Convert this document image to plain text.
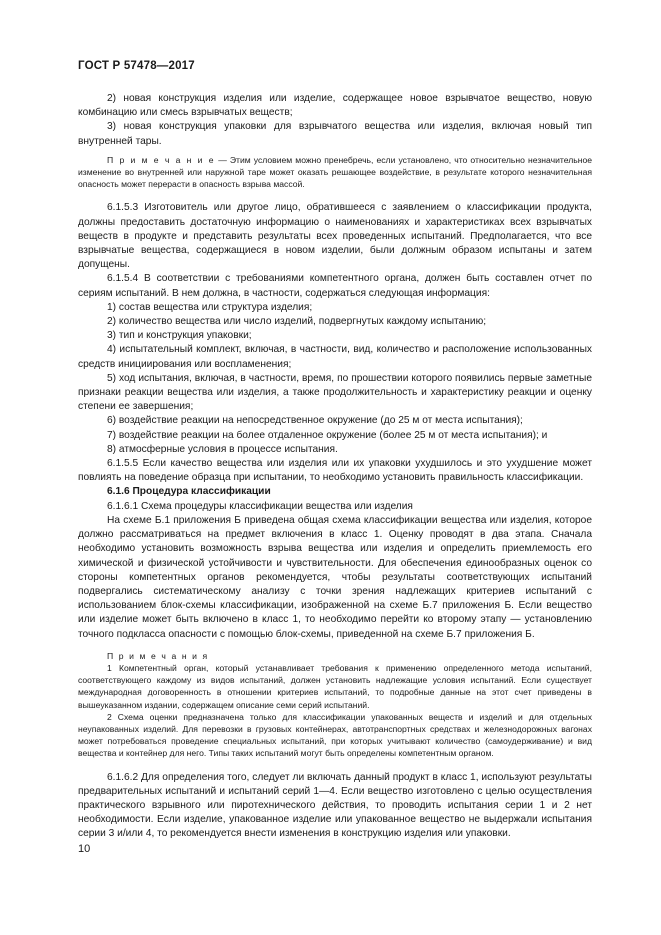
ГОСТ Р 57478—2017

2) новая конструкция изделия или изделие, содержащее новое взрывчатое вещество, новую комбинацию или смесь взрывчатых веществ;

3) новая конструкция упаковки для взрывчатого вещества или изделия, включая новый тип внутренней тары.

П р и м е ч а н и е — Этим условием можно пренебречь, если установлено, что относительно незначительное изменение во внутренней или наружной таре может оказать решающее воздействие, в результате которого незначительная опасность может перерасти в опасность взрыва массой.

6.1.5.3 Изготовитель или другое лицо, обратившееся с заявлением о классификации продукта, должны предоставить достаточную информацию о наименованиях и характеристиках всех взрывчатых веществ в продукте и представить результаты всех проведенных испытаний. Предполагается, что все взрывчатые вещества, содержащиеся в новом изделии, были должным образом испытаны и затем допущены.

6.1.5.4 В соответствии с требованиями компетентного органа, должен быть составлен отчет по сериям испытаний. В нем должна, в частности, содержаться следующая информация:

1) состав вещества или структура изделия;

2) количество вещества или число изделий, подвергнутых каждому испытанию;

3) тип и конструкция упаковки;

4) испытательный комплект, включая, в частности, вид, количество и расположение использованных средств инициирования или воспламенения;

5) ход испытания, включая, в частности, время, по прошествии которого появились первые заметные признаки реакции вещества или изделия, а также продолжительность и характеристику реакции и оценку степени ее завершения;

6) воздействие реакции на непосредственное окружение (до 25 м от места испытания);

7) воздействие реакции на более отдаленное окружение (более 25 м от места испытания); и

8) атмосферные условия в процессе испытания.

6.1.5.5 Если качество вещества или изделия или их упаковки ухудшилось и это ухудшение может повлиять на поведение образца при испытании, то необходимо установить правильность классификации.

6.1.6 Процедура классификации

6.1.6.1 Схема процедуры классификации вещества или изделия

На схеме Б.1 приложения Б приведена общая схема классификации вещества или изделия, которое должно рассматриваться на предмет включения в класс 1. Оценку проводят в два этапа. Сначала необходимо установить возможность взрыва вещества или изделия и определить приемлемость его химической и физической устойчивости и чувствительности. Для обеспечения единообразных оценок со стороны компетентных органов рекомендуется, чтобы результаты соответствующих испытаний подвергались систематическому анализу с точки зрения надлежащих критериев испытаний с использованием блок-схемы классификации, изображенной на схеме Б.7 приложения Б. Если вещество или изделие может быть включено в класс 1, то необходимо перейти ко второму этапу — установлению точного подкласса опасности с помощью блок-схемы, приведенной на схеме Б.7 приложения Б.

П р и м е ч а н и я

1 Компетентный орган, который устанавливает требования к применению определенного метода испытаний, соответствующего каждому из видов испытаний, должен установить надлежащие условия испытаний. Если существует международная договоренность в отношении критериев испытаний, то подробные данные на этот счет приведены в вышеуказанном издании, содержащем описание семи серий испытаний.

2 Схема оценки предназначена только для классификации упакованных веществ и изделий и для отдельных неупакованных изделий. Для перевозки в грузовых контейнерах, автотранспортных средствах и железнодорожных вагонах может потребоваться проведение специальных испытаний, при которых учитывают количество (самоудерживание) и вид вещества и контейнер для него. Типы таких испытаний могут быть определены компетентным органом.

6.1.6.2 Для определения того, следует ли включать данный продукт в класс 1, используют результаты предварительных испытаний и испытаний серий 1—4. Если вещество изготовлено с целью осуществления практического взрывного или пиротехнического действия, то проводить испытания серии 1 и 2 нет необходимости. Если изделие, упакованное изделие или упакованное вещество не выдержали испытания серии 3 и/или 4, то рекомендуется внести изменения в конструкцию изделия или упаковки.

10
